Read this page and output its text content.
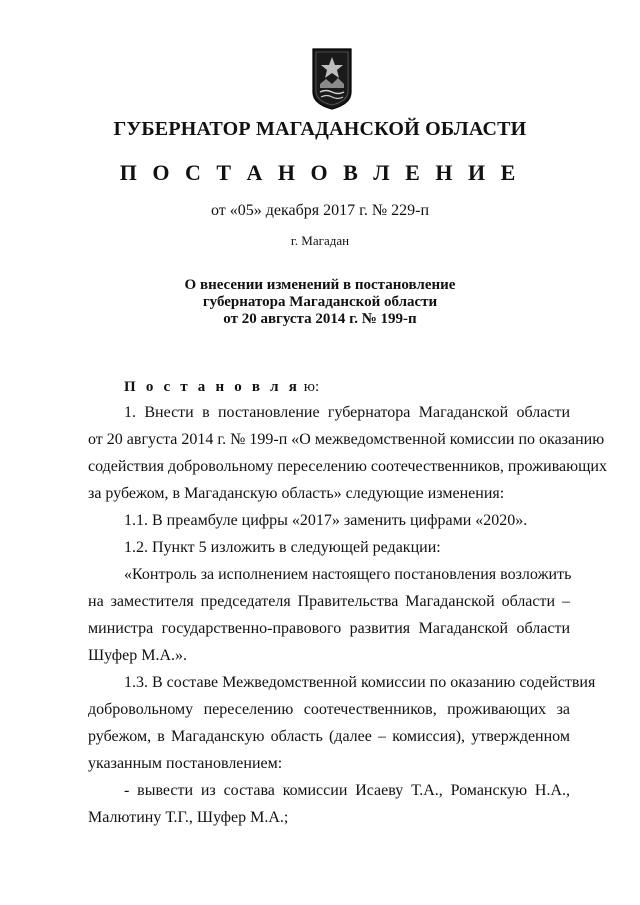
ГУБЕРНАТОР МАГАДАНСКОЙ ОБЛАСТИ
П О С Т А Н О В Л Е Н И Е
от «05» декабря 2017 г. № 229-п
г. Магадан
О внесении изменений в постановление
губернатора Магаданской области
от 20 августа 2014 г. № 199-п
П о с т а н о в л я ю:
1. Внести в постановление губернатора Магаданской области
от 20 августа 2014 г. № 199-п «О межведомственной комиссии по оказанию
содействия добровольному переселению соотечественников, проживающих
за рубежом, в Магаданскую область» следующие изменения:
1.1. В преамбуле цифры «2017» заменить цифрами «2020».
1.2. Пункт 5 изложить в следующей редакции:
«Контроль за исполнением настоящего постановления возложить
на заместителя председателя Правительства Магаданской области –
министра государственно-правового развития Магаданской области
Шуфер М.А.».
1.3. В составе Межведомственной комиссии по оказанию содействия
добровольному переселению соотечественников, проживающих за
рубежом, в Магаданскую область (далее – комиссия), утвержденном
указанным постановлением:
- вывести из состава комиссии Исаеву Т.А., Романскую Н.А.,
Малютину Т.Г., Шуфер М.А.;
